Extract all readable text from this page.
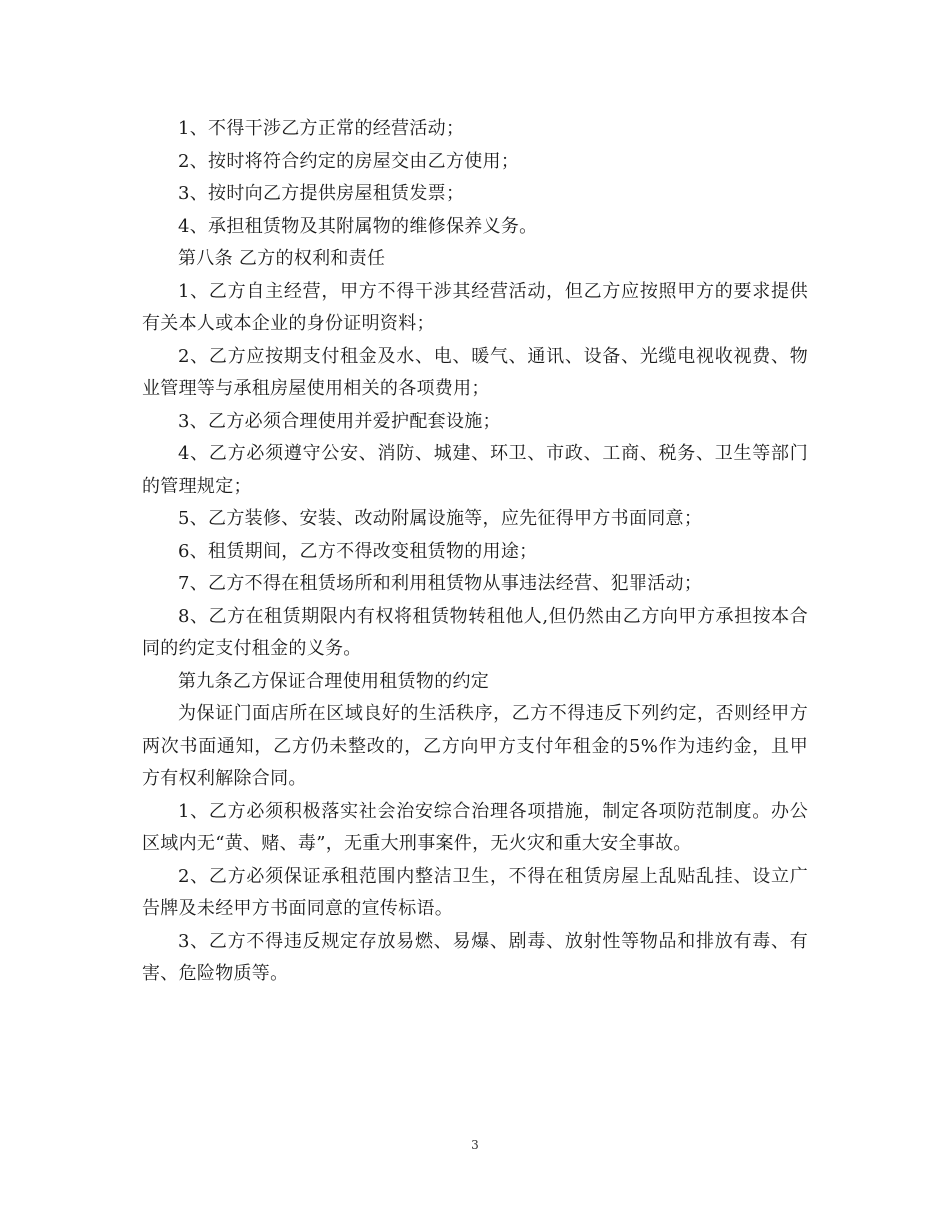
1、不得干涉乙方正常的经营活动；

2、按时将符合约定的房屋交由乙方使用；

3、按时向乙方提供房屋租赁发票；

4、承担租赁物及其附属物的维修保养义务。

第八条 乙方的权利和责任

1、乙方自主经营，甲方不得干涉其经营活动，但乙方应按照甲方的要求提供有关本人或本企业的身份证明资料；

2、乙方应按期支付租金及水、电、暖气、通讯、设备、光缆电视收视费、物业管理等与承租房屋使用相关的各项费用；

3、乙方必须合理使用并爱护配套设施；

4、乙方必须遵守公安、消防、城建、环卫、市政、工商、税务、卫生等部门的管理规定；

5、乙方装修、安装、改动附属设施等，应先征得甲方书面同意；

6、租赁期间，乙方不得改变租赁物的用途；

7、乙方不得在租赁场所和利用租赁物从事违法经营、犯罪活动；

8、乙方在租赁期限内有权将租赁物转租他人,但仍然由乙方向甲方承担按本合同的约定支付租金的义务。

第九条乙方保证合理使用租赁物的约定

为保证门面店所在区域良好的生活秩序，乙方不得违反下列约定，否则经甲方两次书面通知，乙方仍未整改的，乙方向甲方支付年租金的5%作为违约金，且甲方有权利解除合同。

1、乙方必须积极落实社会治安综合治理各项措施，制定各项防范制度。办公区域内无“黄、赌、毒”，无重大刑事案件，无火灾和重大安全事故。

2、乙方必须保证承租范围内整洁卫生，不得在租赁房屋上乱贴乱挂、设立广告牌及未经甲方书面同意的宣传标语。

3、乙方不得违反规定存放易燃、易爆、剧毒、放射性等物品和排放有毒、有害、危险物质等。

3
